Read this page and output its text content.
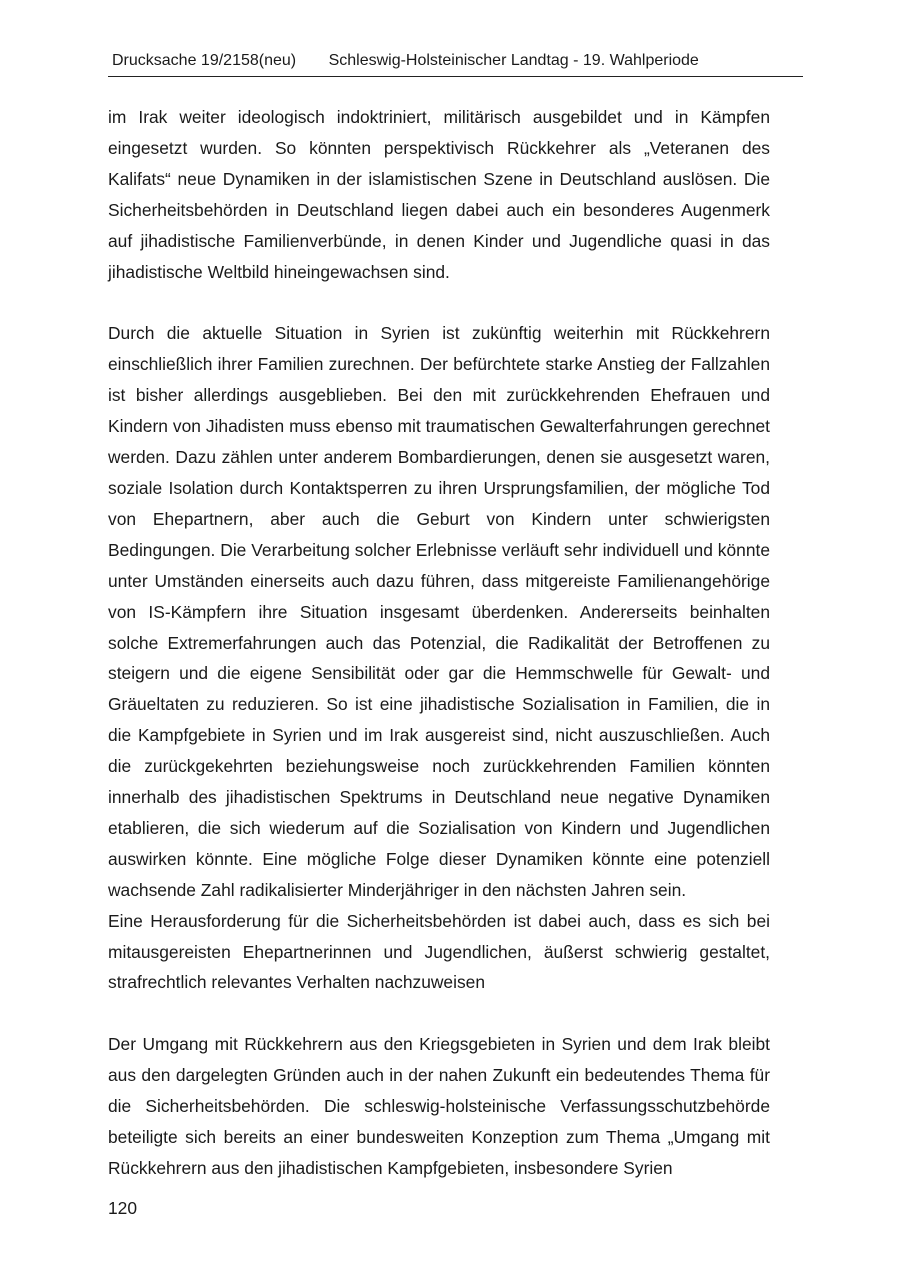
Drucksache 19/2158(neu) Schleswig-Holsteinischer Landtag - 19. Wahlperiode

im Irak weiter ideologisch indoktriniert, militärisch ausgebildet und in Kämpfen eingesetzt wurden. So könnten perspektivisch Rückkehrer als „Veteranen des Kalifats“ neue Dynamiken in der islamistischen Szene in Deutschland auslösen. Die Sicherheitsbehörden in Deutschland liegen dabei auch ein besonderes Augenmerk auf jihadistische Familienverbünde, in denen Kinder und Jugendliche quasi in das jihadistische Weltbild hineingewachsen sind.

Durch die aktuelle Situation in Syrien ist zukünftig weiterhin mit Rückkehrern einschließlich ihrer Familien zurechnen. Der befürchtete starke Anstieg der Fallzahlen ist bisher allerdings ausgeblieben. Bei den mit zurückkehrenden Ehefrauen und Kindern von Jihadisten muss ebenso mit traumatischen Gewalterfahrungen gerechnet werden. Dazu zählen unter anderem Bombardierungen, denen sie ausgesetzt waren, soziale Isolation durch Kontaktsperren zu ihren Ursprungsfamilien, der mögliche Tod von Ehepartnern, aber auch die Geburt von Kindern unter schwierigsten Bedingungen. Die Verarbeitung solcher Erlebnisse verläuft sehr individuell und könnte unter Umständen einerseits auch dazu führen, dass mitgereiste Familienangehörige von IS-Kämpfern ihre Situation insgesamt überdenken. Andererseits beinhalten solche Extremerfahrungen auch das Potenzial, die Radikalität der Betroffenen zu steigern und die eigene Sensibilität oder gar die Hemmschwelle für Gewalt- und Gräueltaten zu reduzieren. So ist eine jihadistische Sozialisation in Familien, die in die Kampfgebiete in Syrien und im Irak ausgereist sind, nicht auszuschließen. Auch die zurückgekehrten beziehungsweise noch zurückkehrenden Familien könnten innerhalb des jihadistischen Spektrums in Deutschland neue negative Dynamiken etablieren, die sich wiederum auf die Sozialisation von Kindern und Jugendlichen auswirken könnte. Eine mögliche Folge dieser Dynamiken könnte eine potenziell wachsende Zahl radikalisierter Minderjähriger in den nächsten Jahren sein.

Eine Herausforderung für die Sicherheitsbehörden ist dabei auch, dass es sich bei mitausgereisten Ehepartnerinnen und Jugendlichen, äußerst schwierig gestaltet, strafrechtlich relevantes Verhalten nachzuweisen

Der Umgang mit Rückkehrern aus den Kriegsgebieten in Syrien und dem Irak bleibt aus den dargelegten Gründen auch in der nahen Zukunft ein bedeutendes Thema für die Sicherheitsbehörden. Die schleswig-holsteinische Verfassungsschutzbehörde beteiligte sich bereits an einer bundesweiten Konzeption zum Thema „Umgang mit Rückkehrern aus den jihadistischen Kampfgebieten, insbesondere Syrien

120
